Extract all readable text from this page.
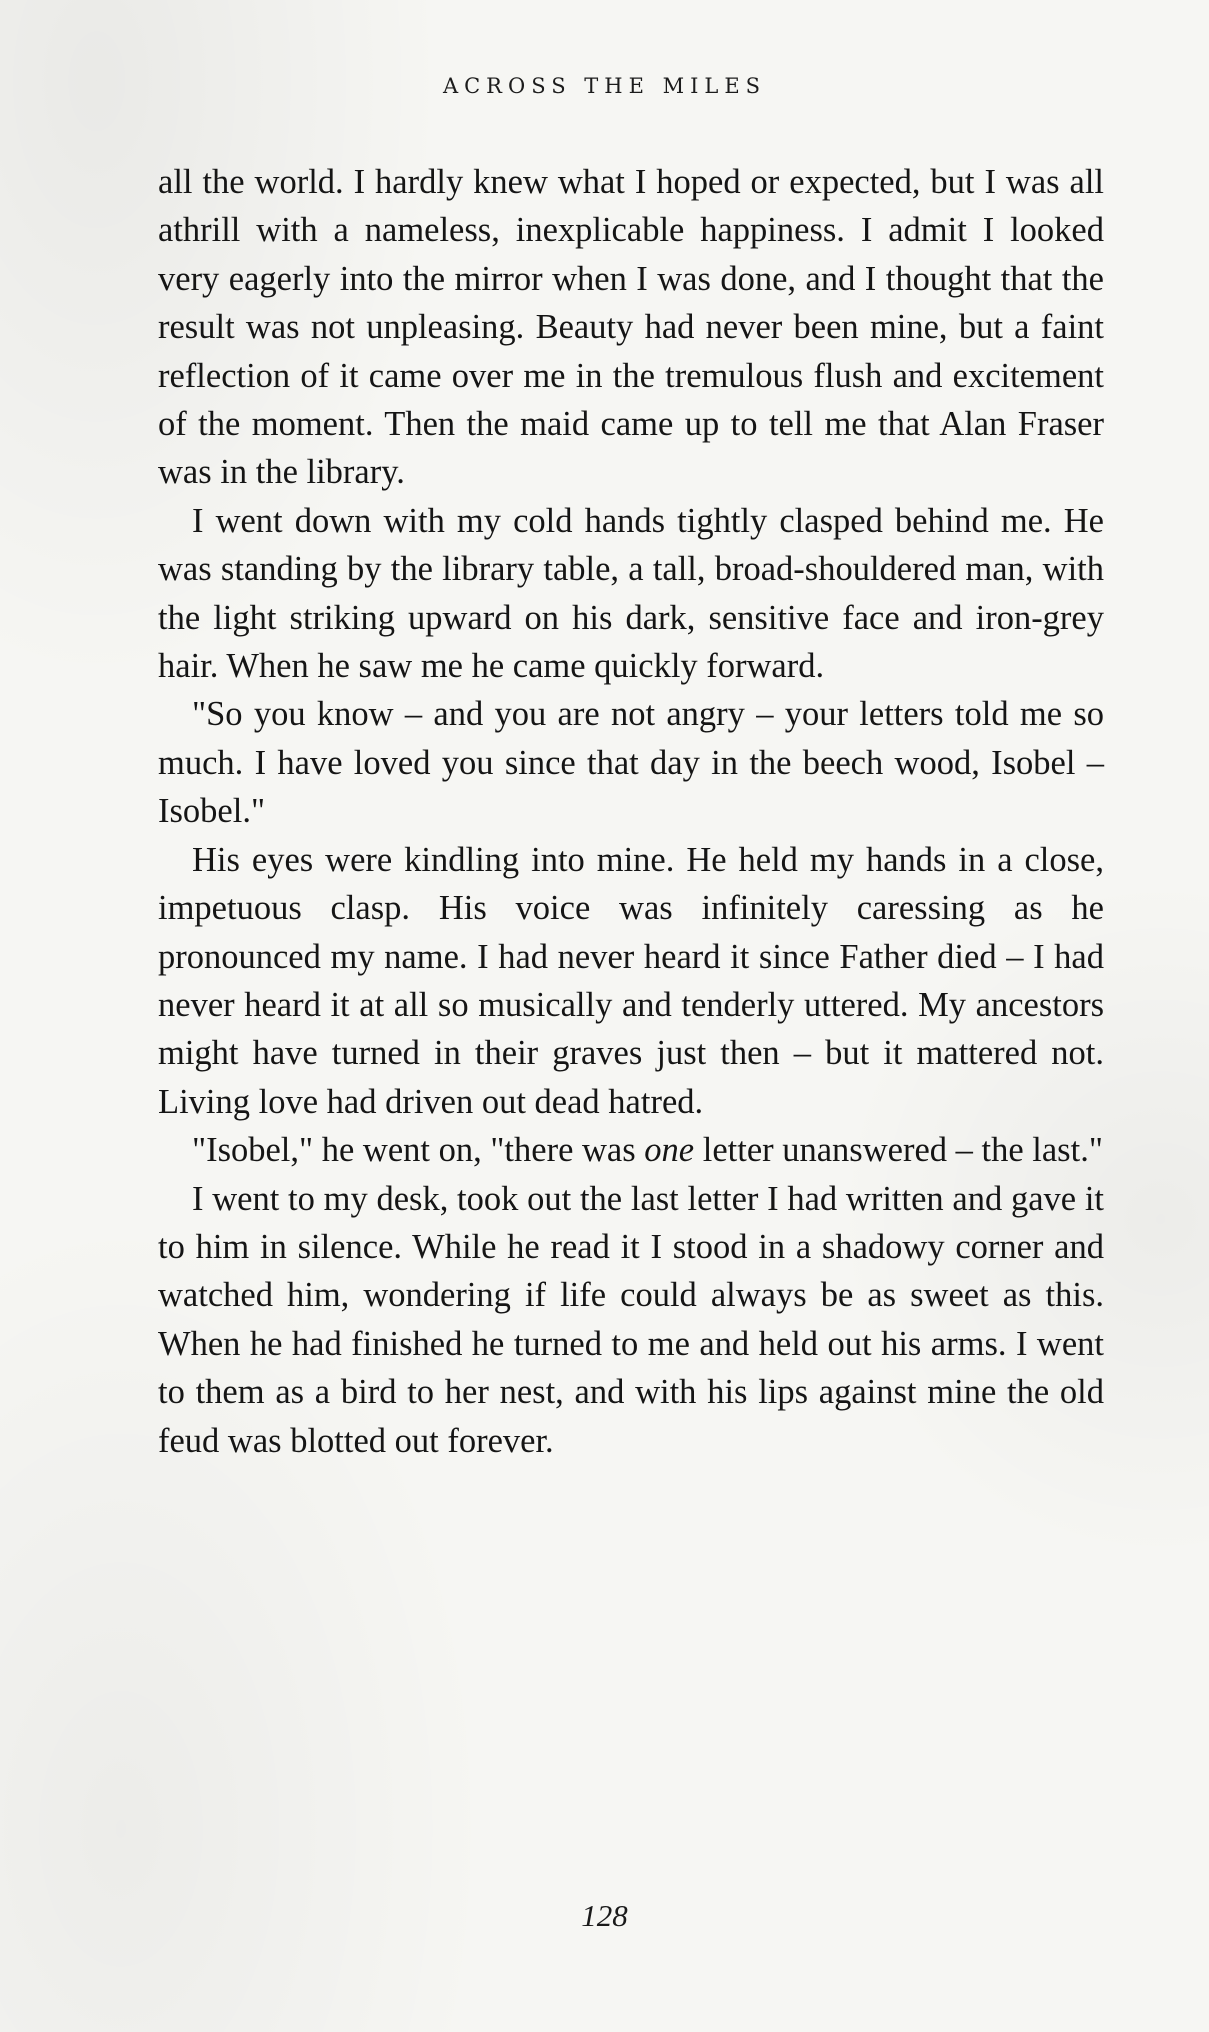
ACROSS THE MILES

all the world. I hardly knew what I hoped or expected, but I was all athrill with a nameless, inexplicable happiness. I admit I looked very eagerly into the mirror when I was done, and I thought that the result was not unpleasing. Beauty had never been mine, but a faint reflection of it came over me in the tremulous flush and excitement of the moment. Then the maid came up to tell me that Alan Fraser was in the library.

I went down with my cold hands tightly clasped behind me. He was standing by the library table, a tall, broad-shouldered man, with the light striking upward on his dark, sensitive face and iron-grey hair. When he saw me he came quickly forward.

"So you know – and you are not angry – your letters told me so much. I have loved you since that day in the beech wood, Isobel – Isobel."

His eyes were kindling into mine. He held my hands in a close, impetuous clasp. His voice was infinitely caressing as he pronounced my name. I had never heard it since Father died – I had never heard it at all so musically and tenderly uttered. My ancestors might have turned in their graves just then – but it mattered not. Living love had driven out dead hatred.

"Isobel," he went on, "there was one letter unanswered – the last."

I went to my desk, took out the last letter I had written and gave it to him in silence. While he read it I stood in a shadowy corner and watched him, wondering if life could always be as sweet as this. When he had finished he turned to me and held out his arms. I went to them as a bird to her nest, and with his lips against mine the old feud was blotted out forever.

128
